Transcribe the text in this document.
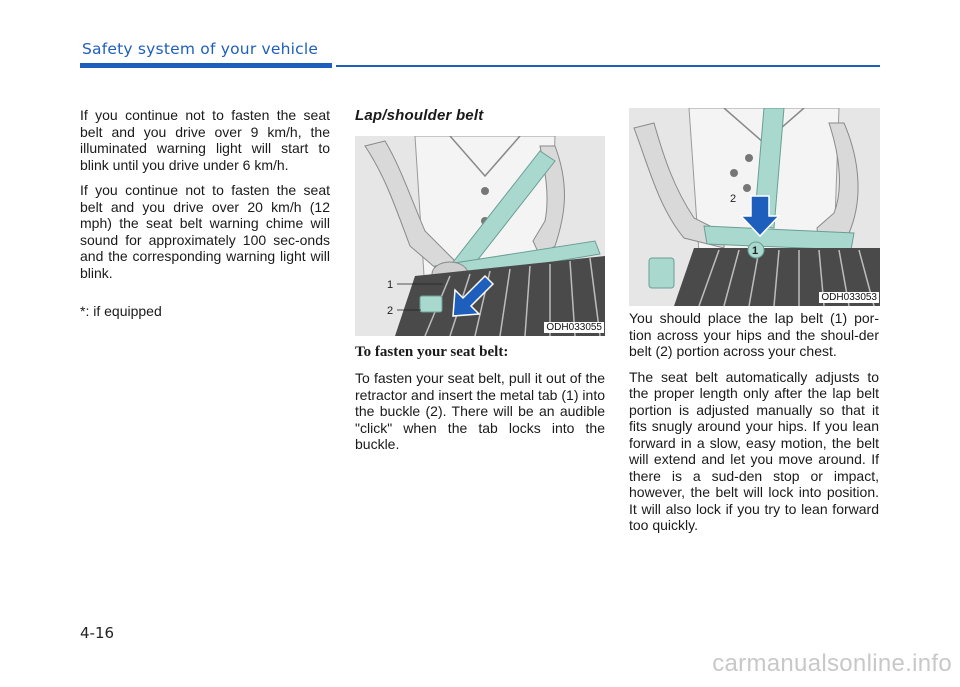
Safety system of your vehicle

If you continue not to fasten the seat belt and you drive over 9 km/h, the illuminated warning light will start to blink until you drive under 6 km/h.

If you continue not to fasten the seat belt and you drive over 20 km/h (12 mph) the seat belt warning chime will sound for approximately 100 sec-onds and the corresponding warning light will blink.

*: if equipped

Lap/shoulder belt
1
2
ODH033055
To fasten your seat belt:

To fasten your seat belt, pull it out of the retractor and insert the metal tab (1) into the buckle (2). There will be an audible "click" when the tab locks into the buckle.

2
1
ODH033053

You should place the lap belt (1) por-tion across your hips and the shoul-der belt (2) portion across your chest.

The seat belt automatically adjusts to the proper length only after the lap belt portion is adjusted manually so that it fits snugly around your hips. If you lean forward in a slow, easy motion, the belt will extend and let you move around. If there is a sud-den stop or impact, however, the belt will lock into position. It will also lock if you try to lean forward too quickly.

4-16
carmanualsonline.info
